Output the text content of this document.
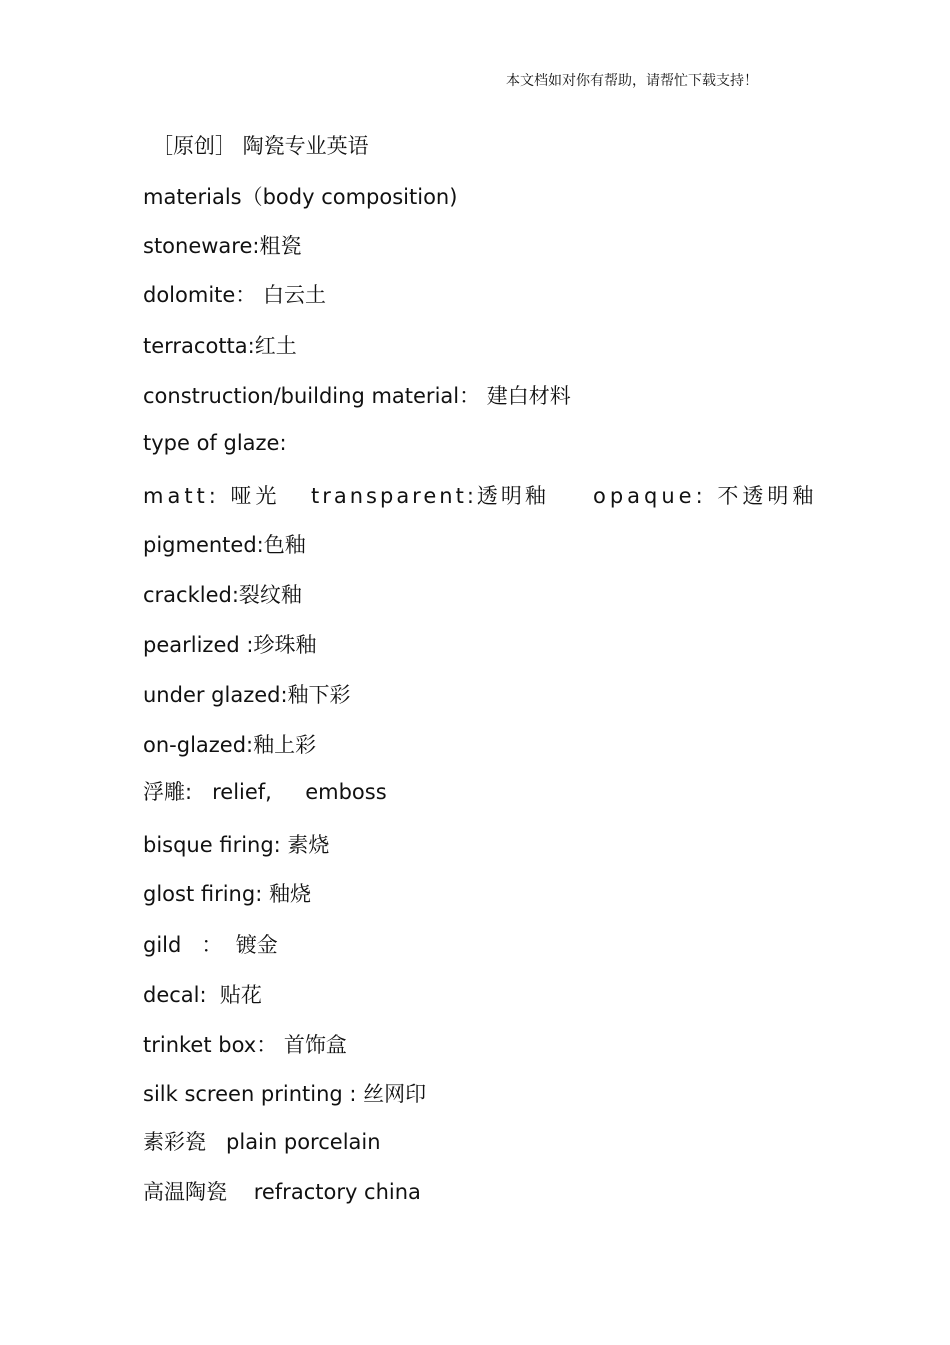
本文档如对你有帮助，请帮忙下载支持！
［原创］ 陶瓷专业英语
materials（body composition)
stoneware:粗瓷
dolomite： 白云土
terracotta:红土
construction/building material： 建白材料
type of glaze:
matt: 哑光 transparent:透明釉 opaque: 不透明釉
pigmented:色釉
crackled:裂纹釉
pearlized :珍珠釉
under glazed:釉下彩
on-glazed:釉上彩
浮雕:   relief,     emboss
bisque firing: 素烧
glost firing: 釉烧
gild   ：  镀金
decal:  贴花
trinket box： 首饰盒
silk screen printing : 丝网印
素彩瓷   plain porcelain
高温陶瓷    refractory china
